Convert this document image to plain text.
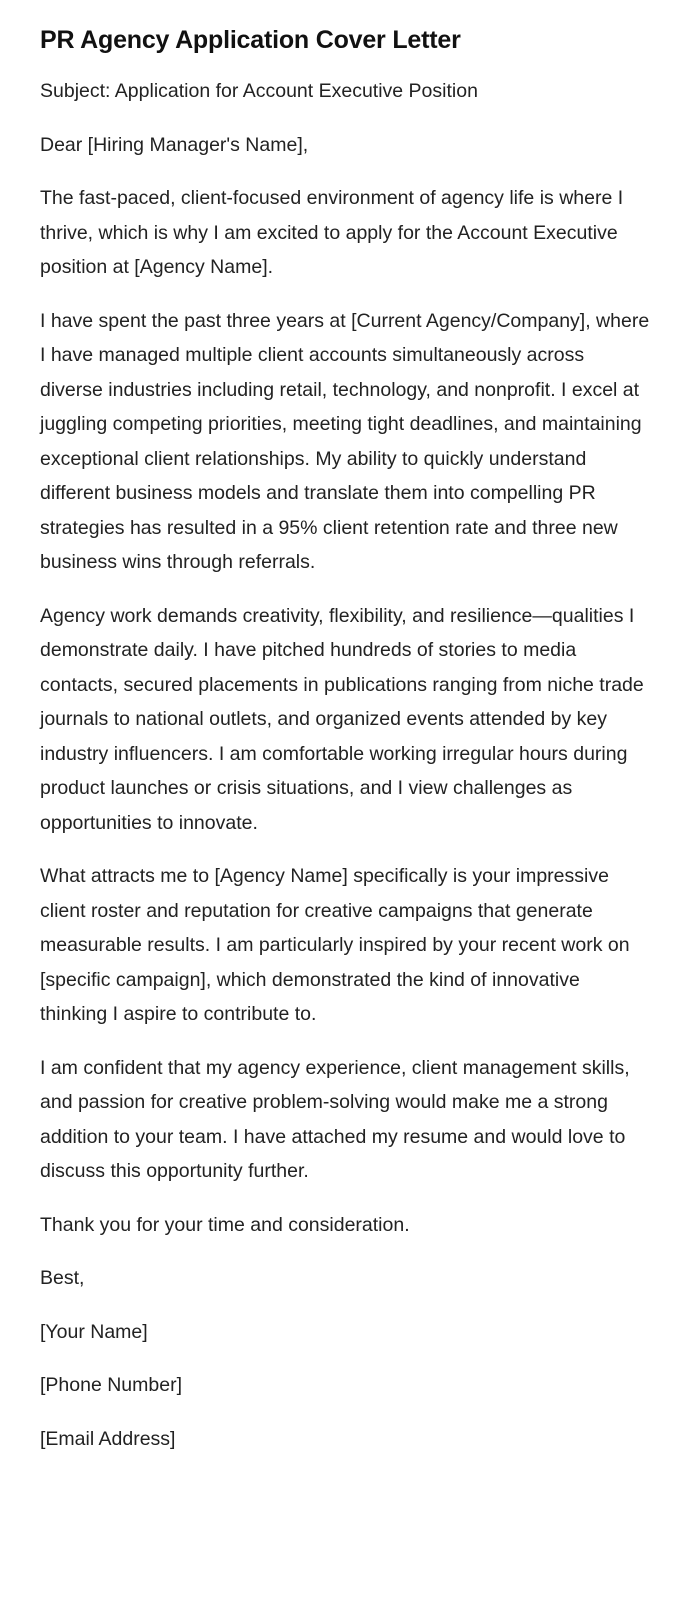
PR Agency Application Cover Letter

Subject: Application for Account Executive Position

Dear [Hiring Manager's Name],

The fast-paced, client-focused environment of agency life is where I thrive, which is why I am excited to apply for the Account Executive position at [Agency Name].

I have spent the past three years at [Current Agency/Company], where I have managed multiple client accounts simultaneously across diverse industries including retail, technology, and nonprofit. I excel at juggling competing priorities, meeting tight deadlines, and maintaining exceptional client relationships. My ability to quickly understand different business models and translate them into compelling PR strategies has resulted in a 95% client retention rate and three new business wins through referrals.

Agency work demands creativity, flexibility, and resilience—qualities I demonstrate daily. I have pitched hundreds of stories to media contacts, secured placements in publications ranging from niche trade journals to national outlets, and organized events attended by key industry influencers. I am comfortable working irregular hours during product launches or crisis situations, and I view challenges as opportunities to innovate.

What attracts me to [Agency Name] specifically is your impressive client roster and reputation for creative campaigns that generate measurable results. I am particularly inspired by your recent work on [specific campaign], which demonstrated the kind of innovative thinking I aspire to contribute to.

I am confident that my agency experience, client management skills, and passion for creative problem-solving would make me a strong addition to your team. I have attached my resume and would love to discuss this opportunity further.

Thank you for your time and consideration.

Best,

[Your Name]

[Phone Number]

[Email Address]
